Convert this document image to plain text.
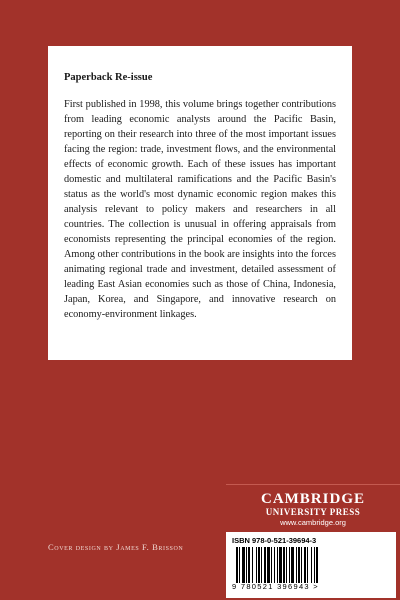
Paperback Re-issue

First published in 1998, this volume brings together contributions from leading economic analysts around the Pacific Basin, reporting on their research into three of the most important issues facing the region: trade, investment flows, and the environmental effects of economic growth. Each of these issues has important domestic and multilateral ramifications and the Pacific Basin's status as the world's most dynamic economic region makes this analysis relevant to policy makers and researchers in all countries. The collection is unusual in offering appraisals from economists representing the principal economies of the region. Among other contributions in the book are insights into the forces animating regional trade and investment, detailed assessment of leading East Asian economies such as those of China, Indonesia, Japan, Korea, and Singapore, and innovative research on economy-environment linkages.

Cover design by James F. Brisson
CAMBRIDGE
UNIVERSITY PRESS
www.cambridge.org
ISBN 978-0-521-39694-3
9 780521 396943 >
